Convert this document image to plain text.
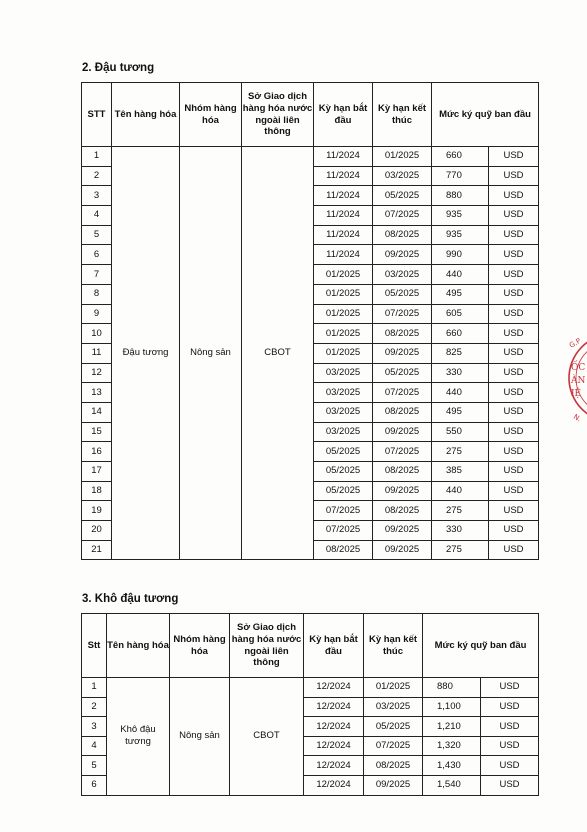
2. Đậu tương
STT	Tên hàng hóa	Nhóm hàng hóa	Sở Giao dịch hàng hóa nước ngoài liên thông	Kỳ hạn bắt đầu	Kỳ hạn kết thúc	Mức ký quỹ ban đầu	
1	Đậu tương	Nông sản	CBOT	11/2024	01/2025	660	USD
2				11/2024	03/2025	770	USD
3				11/2024	05/2025	880	USD
4				11/2024	07/2025	935	USD
5				11/2024	08/2025	935	USD
6				11/2024	09/2025	990	USD
7				01/2025	03/2025	440	USD
8				01/2025	05/2025	495	USD
9				01/2025	07/2025	605	USD
10				01/2025	08/2025	660	USD
11				01/2025	09/2025	825	USD
12				03/2025	05/2025	330	USD
13				03/2025	07/2025	440	USD
14				03/2025	08/2025	495	USD
15				03/2025	09/2025	550	USD
16				05/2025	07/2025	275	USD
17				05/2025	08/2025	385	USD
18				05/2025	09/2025	440	USD
19				07/2025	08/2025	275	USD
20				07/2025	09/2025	330	USD
21				08/2025	09/2025	275	USD
3. Khô đậu tương
Stt	Tên hàng hóa	Nhóm hàng hóa	Sở Giao dịch hàng hóa nước ngoài liên thông	Kỳ hạn bắt đầu	Kỳ hạn kết thúc	Mức ký quỹ ban đầu	
1	Khô đậu tương	Nông sản	CBOT	12/2024	01/2025	880	USD
2				12/2024	03/2025	1,100	USD
3				12/2024	05/2025	1,210	USD
4				12/2024	07/2025	1,320	USD
5				12/2024	08/2025	1,430	USD
6				12/2024	09/2025	1,540	USD
G.P
ỐC
ÀN
IỆ
N.
